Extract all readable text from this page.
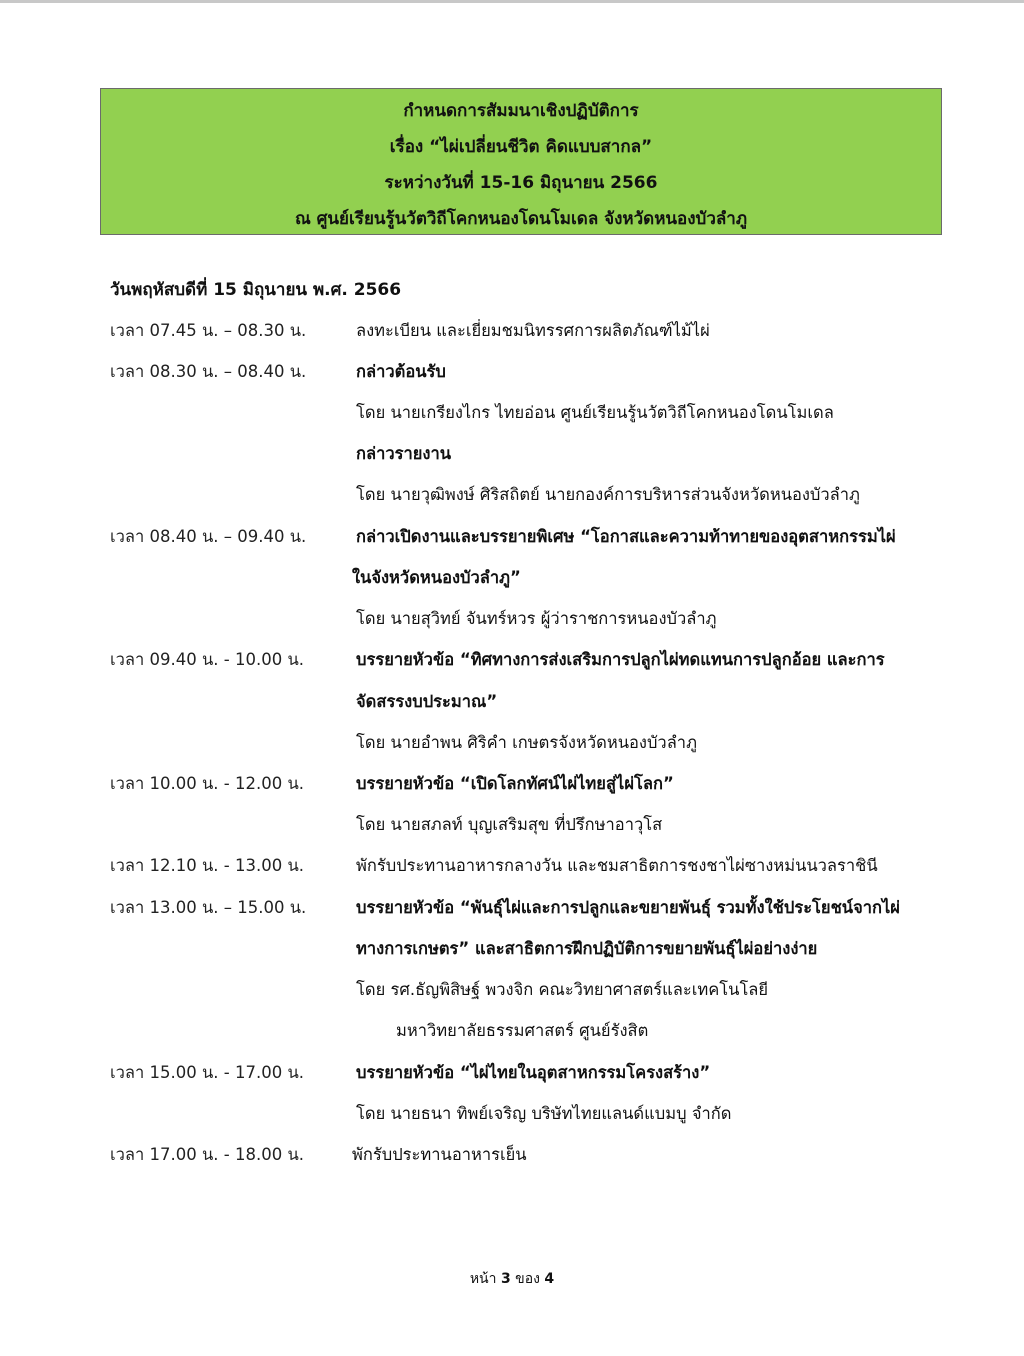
กำหนดการสัมมนาเชิงปฏิบัติการ
เรื่อง “ไผ่เปลี่ยนชีวิต คิดแบบสากล”
ระหว่างวันที่ 15-16 มิถุนายน 2566
ณ ศูนย์เรียนรู้นวัตวิถีโคกหนองโดนโมเดล จังหวัดหนองบัวลำภู
วันพฤหัสบดีที่ 15 มิถุนายน พ.ศ. 2566
เวลา 07.45 น. – 08.30 น.	ลงทะเบียน และเยี่ยมชมนิทรรศการผลิตภัณฑ์ไม้ไผ่
เวลา 08.30 น. – 08.40 น.	กล่าวต้อนรับ
โดย นายเกรียงไกร ไทยอ่อน ศูนย์เรียนรู้นวัตวิถีโคกหนองโดนโมเดล
กล่าวรายงาน
โดย นายวุฒิพงษ์ ศิริสถิตย์ นายกองค์การบริหารส่วนจังหวัดหนองบัวลำภู
เวลา 08.40 น. – 09.40 น.	กล่าวเปิดงานและบรรยายพิเศษ “โอกาสและความท้าทายของอุตสาหกรรมไผ่
ในจังหวัดหนองบัวลำภู”
โดย นายสุวิทย์ จันทร์หวร ผู้ว่าราชการหนองบัวลำภู
เวลา 09.40 น. - 10.00 น.	บรรยายหัวข้อ “ทิศทางการส่งเสริมการปลูกไผ่ทดแทนการปลูกอ้อย และการ
จัดสรรงบประมาณ”
โดย นายอำพน ศิริคำ เกษตรจังหวัดหนองบัวลำภู
เวลา 10.00 น. - 12.00 น.	บรรยายหัวข้อ “เปิดโลกทัศน์ไผ่ไทยสู่ไผ่โลก”
โดย นายสภลท์ บุญเสริมสุข ที่ปรึกษาอาวุโส
เวลา 12.10 น. - 13.00 น.	พักรับประทานอาหารกลางวัน และชมสาธิตการชงชาไผ่ซางหม่นนวลราชินี
เวลา 13.00 น. – 15.00 น.	บรรยายหัวข้อ “พันธุ์ไผ่และการปลูกและขยายพันธุ์ รวมทั้งใช้ประโยชน์จากไผ่
ทางการเกษตร” และสาธิตการฝึกปฏิบัติการขยายพันธุ์ไผ่อย่างง่าย
โดย รศ.ธัญพิสิษฐ์ พวงจิก คณะวิทยาศาสตร์และเทคโนโลยี
มหาวิทยาลัยธรรมศาสตร์ ศูนย์รังสิต
เวลา 15.00 น. - 17.00 น.	บรรยายหัวข้อ “ไผ่ไทยในอุตสาหกรรมโครงสร้าง”
โดย นายธนา ทิพย์เจริญ บริษัทไทยแลนด์แบมบู จำกัด
เวลา 17.00 น. - 18.00 น.	พักรับประทานอาหารเย็น
หน้า 3 ของ 4
